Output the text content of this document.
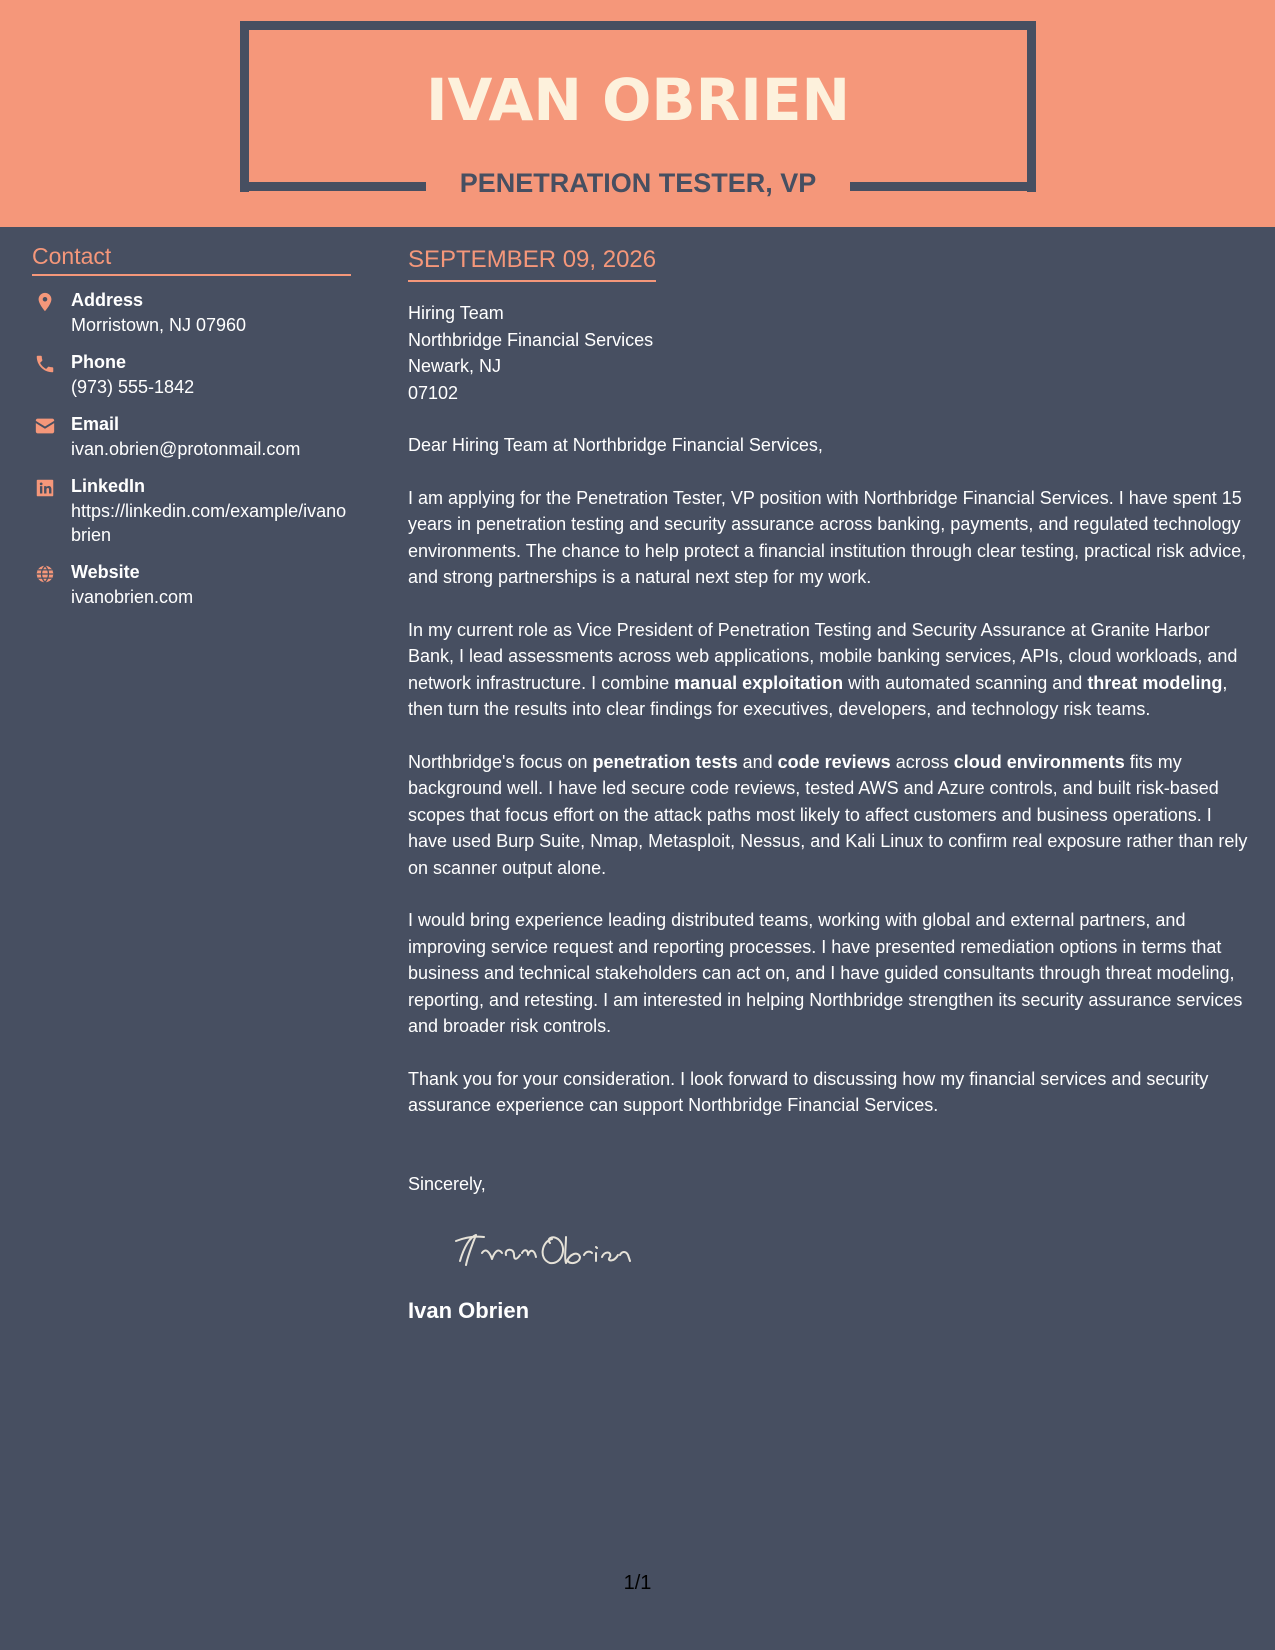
IVAN OBRIEN
PENETRATION TESTER, VP
Contact
Address
Morristown, NJ 07960
Phone
(973) 555-1842
Email
ivan.obrien@protonmail.com
LinkedIn
https://linkedin.com/example/ivanobrien
Website
ivanobrien.com
SEPTEMBER 09, 2026
Hiring Team
Northbridge Financial Services
Newark, NJ
07102
Dear Hiring Team at Northbridge Financial Services,

I am applying for the Penetration Tester, VP position with Northbridge Financial Services. I have spent 15 years in penetration testing and security assurance across banking, payments, and regulated technology environments. The chance to help protect a financial institution through clear testing, practical risk advice, and strong partnerships is a natural next step for my work.

In my current role as Vice President of Penetration Testing and Security Assurance at Granite Harbor Bank, I lead assessments across web applications, mobile banking services, APIs, cloud workloads, and network infrastructure. I combine manual exploitation with automated scanning and threat modeling, then turn the results into clear findings for executives, developers, and technology risk teams.

Northbridge's focus on penetration tests and code reviews across cloud environments fits my background well. I have led secure code reviews, tested AWS and Azure controls, and built risk-based scopes that focus effort on the attack paths most likely to affect customers and business operations. I have used Burp Suite, Nmap, Metasploit, Nessus, and Kali Linux to confirm real exposure rather than rely on scanner output alone.

I would bring experience leading distributed teams, working with global and external partners, and improving service request and reporting processes. I have presented remediation options in terms that business and technical stakeholders can act on, and I have guided consultants through threat modeling, reporting, and retesting. I am interested in helping Northbridge strengthen its security assurance services and broader risk controls.

Thank you for your consideration. I look forward to discussing how my financial services and security assurance experience can support Northbridge Financial Services.

Sincerely,
Ivan Obrien
1/1
